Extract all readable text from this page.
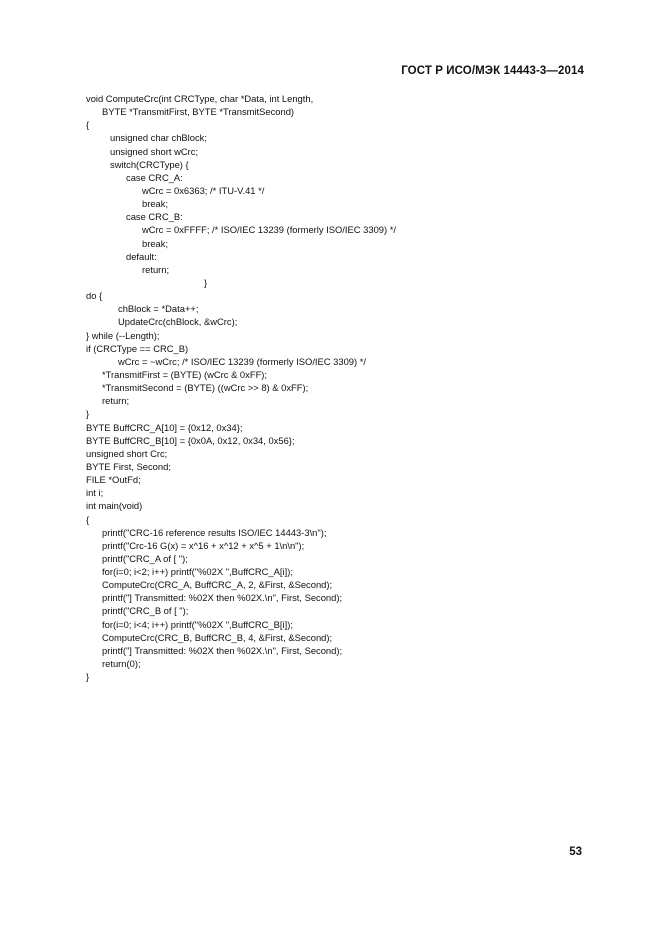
ГОСТ Р ИСО/МЭК 14443-3—2014
void ComputeCrc(int CRCType, char *Data, int Length,
BYTE *TransmitFirst, BYTE *TransmitSecond)
{
unsigned char chBlock;
unsigned short wCrc;
switch(CRCType) {
case CRC_A:
wCrc = 0x6363; /* ITU-V.41 */
break;
case CRC_B:
wCrc = 0xFFFF; /* ISO/IEC 13239 (formerly ISO/IEC 3309) */
break;
default:
return;
}
do {
chBlock = *Data++;
UpdateCrc(chBlock, &wCrc);
} while (--Length);
if (CRCType == CRC_B)
wCrc = ~wCrc; /* ISO/IEC 13239 (formerly ISO/IEC 3309) */
*TransmitFirst = (BYTE) (wCrc & 0xFF);
*TransmitSecond = (BYTE) ((wCrc >> 8) & 0xFF);
return;
}
BYTE BuffCRC_A[10] = {0x12, 0x34};
BYTE BuffCRC_B[10] = {0x0A, 0x12, 0x34, 0x56};
unsigned short Crc;
BYTE First, Second;
FILE *OutFd;
int i;
int main(void)
{
printf("CRC-16 reference results ISO/IEC 14443-3\n");
printf("Crc-16 G(x) = x^16 + x^12 + x^5 + 1\n\n");
printf("CRC_A of [ ");
for(i=0; i<2; i++) printf("%02X ",BuffCRC_A[i]);
ComputeCrc(CRC_A, BuffCRC_A, 2, &First, &Second);
printf("] Transmitted: %02X then %02X.\n", First, Second);
printf("CRC_B of [ ");
for(i=0; i<4; i++) printf("%02X ",BuffCRC_B[i]);
ComputeCrc(CRC_B, BuffCRC_B, 4, &First, &Second);
printf("] Transmitted: %02X then %02X.\n", First, Second);
return(0);
}
53
